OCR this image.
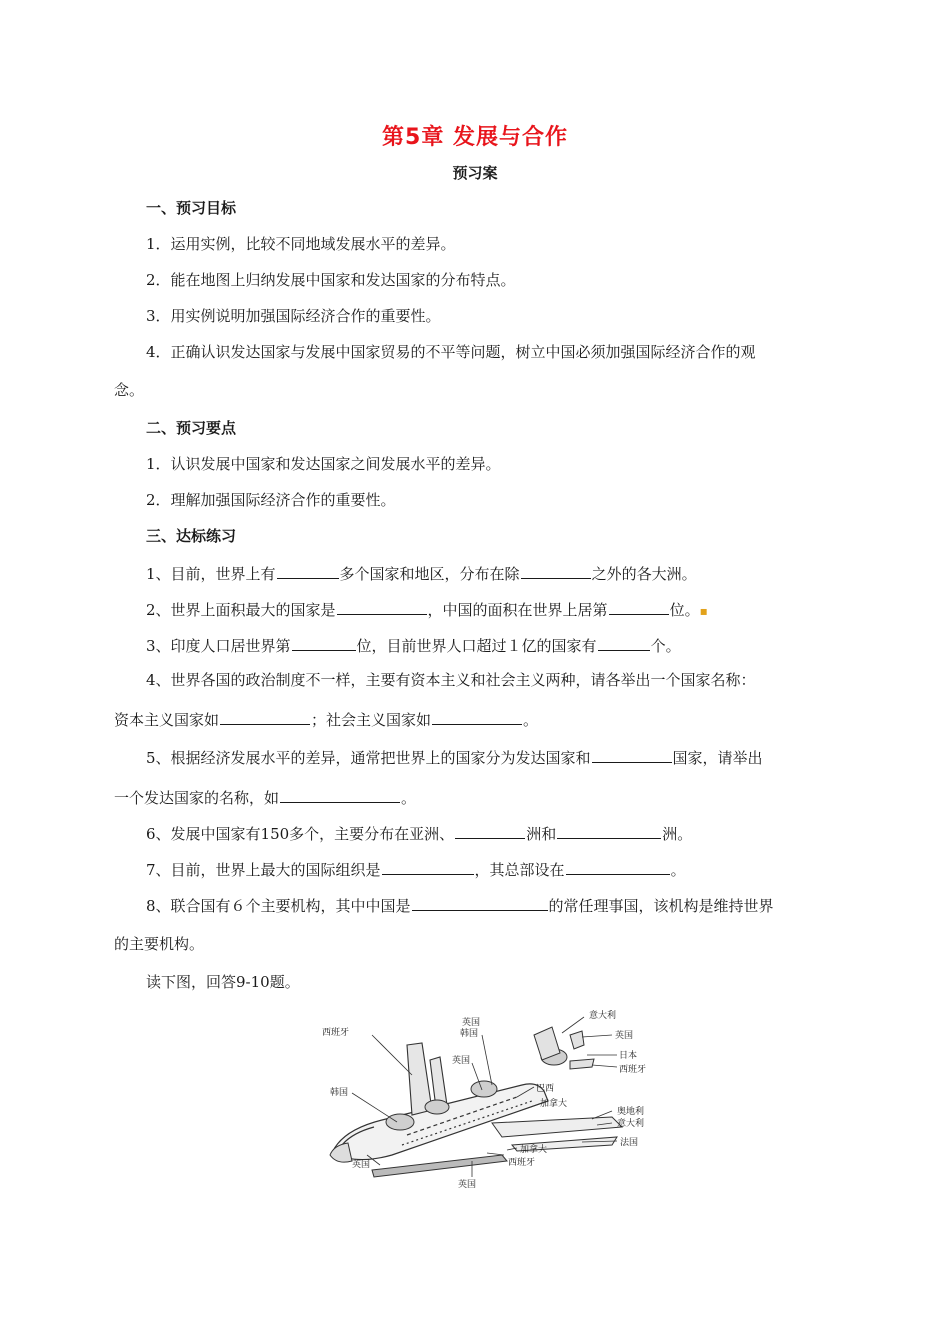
第5章 发展与合作
预习案
一、预习目标
1．运用实例，比较不同地域发展水平的差异。
2．能在地图上归纳发展中国家和发达国家的分布特点。
3．用实例说明加强国际经济合作的重要性。
4．正确认识发达国家与发展中国家贸易的不平等问题，树立中国必须加强国际经济合作的观
念。
二、预习要点
1．认识发展中国家和发达国家之间发展水平的差异。
2．理解加强国际经济合作的重要性。
三、达标练习
1、目前，世界上有	多个国家和地区，分布在除	之外的各大洲。
2、世界上面积最大的国家是	，中国的面积在世界上居第	位。▪
3、印度人口居世界第	位，目前世界人口超过１亿的国家有	个。
4、世界各国的政治制度不一样，主要有资本主义和社会主义两种，请各举出一个国家名称：
资本主义国家如	；社会主义国家如	。
5、根据经济发展水平的差异，通常把世界上的国家分为发达国家和	国家，请举出
一个发达国家的名称，如	。
6、发展中国家有150多个，主要分布在亚洲、	洲和	洲。
7、目前，世界上最大的国际组织是	，其总部设在	。
8、联合国有６个主要机构，其中中国是	的常任理事国，该机构是维持世界
的主要机构。
读下图，回答9-10题。
意大利
英国
日本
西班牙
英国
韩国
英国
巴西
加拿大
奥地利
意大利
法国
加拿大
西班牙
英国
西班牙
韩国
英国
